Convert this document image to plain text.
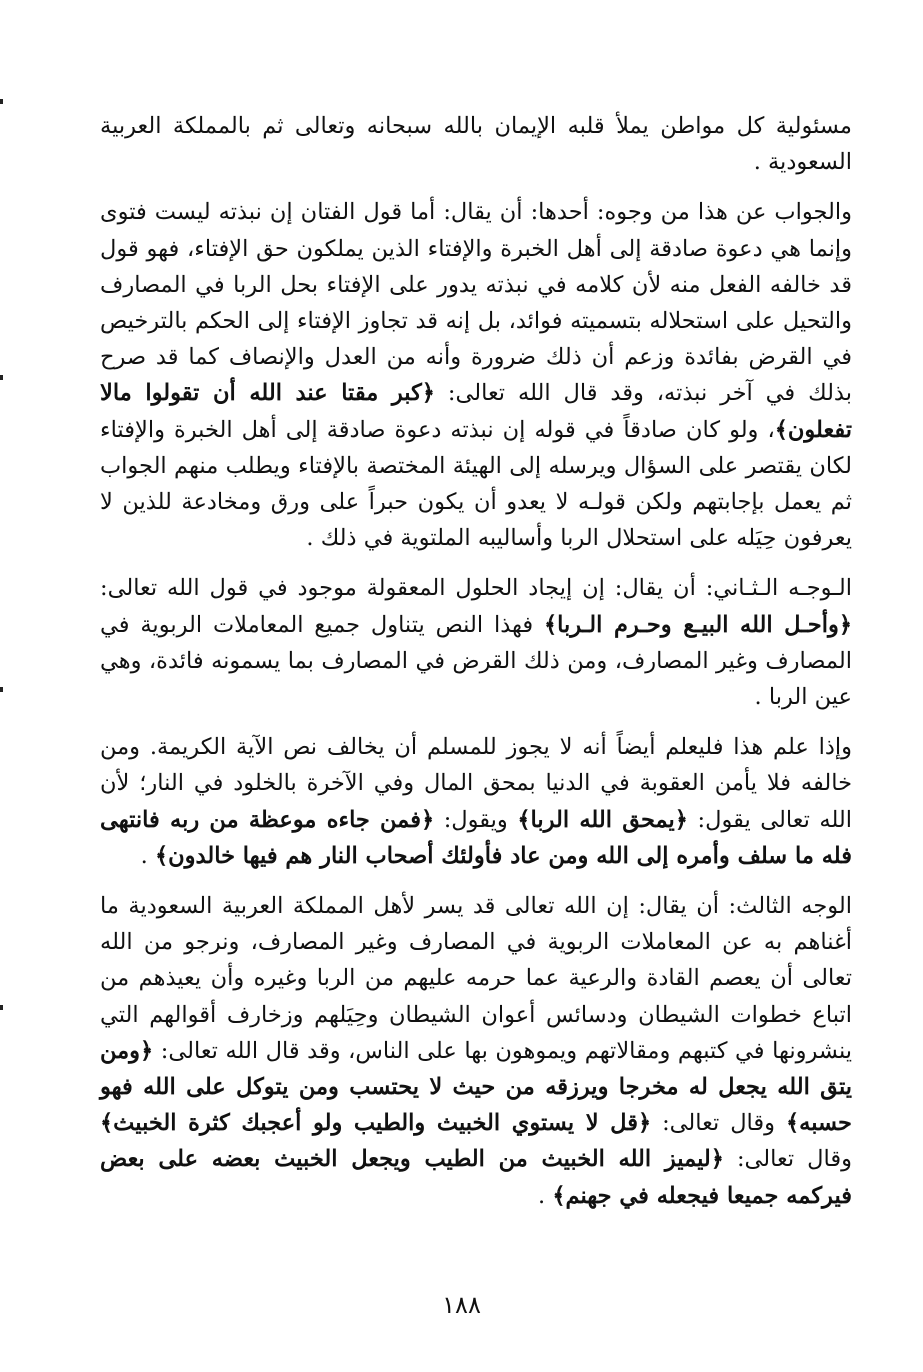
مسئولية كل مواطن يملأ قلبه الإيمان بالله سبحانه وتعالى ثم بالمملكة العربية السعودية .

والجواب عن هذا من وجوه: أحدها: أن يقال: أما قول الفتان إن نبذته ليست فتوى وإنما هي دعوة صادقة إلى أهل الخبرة والإفتاء الذين يملكون حق الإفتاء، فهو قول قد خالفه الفعل منه لأن كلامه في نبذته يدور على الإفتاء بحل الربا في المصارف والتحيل على استحلاله بتسميته فوائد، بل إنه قد تجاوز الإفتاء إلى الحكم بالترخيص في القرض بفائدة وزعم أن ذلك ضرورة وأنه من العدل والإنصاف كما قد صرح بذلك في آخر نبذته، وقد قال الله تعالى: ﴿كبر مقتا عند الله أن تقولوا مالا تفعلون﴾، ولو كان صادقاً في قوله إن نبذته دعوة صادقة إلى أهل الخبرة والإفتاء لكان يقتصر على السؤال ويرسله إلى الهيئة المختصة بالإفتاء ويطلب منهم الجواب ثم يعمل بإجابتهم ولكن قولـه لا يعدو أن يكون حبراً على ورق ومخادعة للذين لا يعرفون حِيَله على استحلال الربا وأساليبه الملتوية في ذلك .

الـوجـه الـثـاني: أن يقال: إن إيجاد الحلول المعقولة موجود في قول الله تعالى: ﴿وأحـل الله البيـع وحـرم الـربا﴾ فهذا النص يتناول جميع المعاملات الربوية في المصارف وغير المصارف، ومن ذلك القرض في المصارف بما يسمونه فائدة، وهي عين الربا .

وإذا علم هذا فليعلم أيضاً أنه لا يجوز للمسلم أن يخالف نص الآية الكريمة. ومن خالفه فلا يأمن العقوبة في الدنيا بمحق المال وفي الآخرة بالخلود في النار؛ لأن الله تعالى يقول: ﴿يمحق الله الربا﴾ ويقول: ﴿فمن جاءه موعظة من ربه فانتهى فله ما سلف وأمره إلى الله ومن عاد فأولئك أصحاب النار هم فيها خالدون﴾ .

الوجه الثالث: أن يقال: إن الله تعالى قد يسر لأهل المملكة العربية السعودية ما أغناهم به عن المعاملات الربوية في المصارف وغير المصارف، ونرجو من الله تعالى أن يعصم القادة والرعية عما حرمه عليهم من الربا وغيره وأن يعيذهم من اتباع خطوات الشيطان ودسائس أعوان الشيطان وحِيَلهم وزخارف أقوالهم التي ينشرونها في كتبهم ومقالاتهم ويموهون بها على الناس، وقد قال الله تعالى: ﴿ومن يتق الله يجعل له مخرجا ويرزقه من حيث لا يحتسب ومن يتوكل على الله فهو حسبه﴾ وقال تعالى: ﴿قل لا يستوي الخبيث والطيب ولو أعجبك كثرة الخبيث﴾ وقال تعالى: ﴿ليميز الله الخبيث من الطيب ويجعل الخبيث بعضه على بعض فيركمه جميعا فيجعله في جهنم﴾ .

١٨٨
